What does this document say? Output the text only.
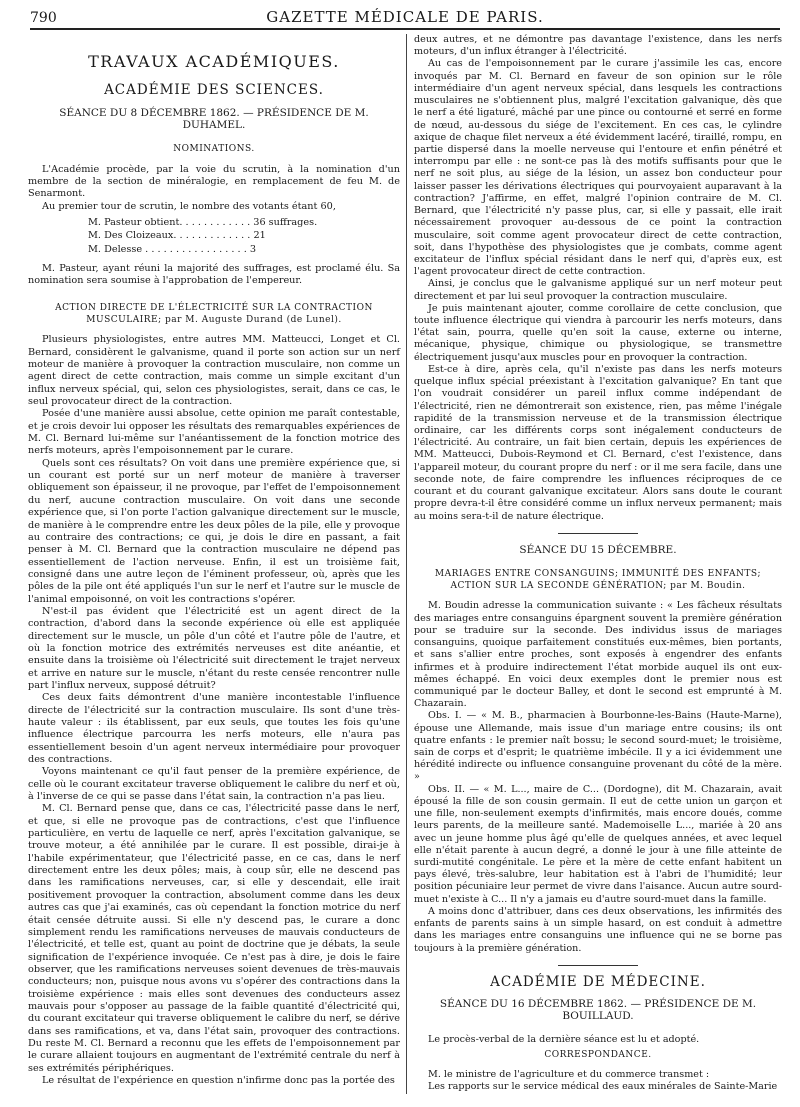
790	GAZETTE MÉDICALE DE PARIS.
TRAVAUX ACADÉMIQUES.
ACADÉMIE DES SCIENCES.
SÉANCE DU 8 DÉCEMBRE 1862. — PRÉSIDENCE DE M. DUHAMEL.
NOMINATIONS.

L'Académie procède, par la voie du scrutin, à la nomination d'un membre de la section de minéralogie, en remplacement de feu M. de Senarmont.

Au premier tour de scrutin, le nombre des votants étant 60,

M. Pasteur obtient. . . . . . . . . . . . 36 suffrages.
M. Des Cloizeaux. . . . . . . . . . . . . 21
M. Delesse . . . . . . . . . . . . . . . . . 3

M. Pasteur, ayant réuni la majorité des suffrages, est proclamé élu. Sa nomination sera soumise à l'approbation de l'empereur.

ACTION DIRECTE DE L'ÉLECTRICITÉ SUR LA CONTRACTION MUSCULAIRE; par M. Auguste Durand (de Lunel).

Plusieurs physiologistes, entre autres MM. Matteucci, Longet et Cl. Bernard, considèrent le galvanisme, quand il porte son action sur un nerf moteur de manière à provoquer la contraction musculaire, non comme un agent direct de cette contraction, mais comme un simple excitant d'un influx nerveux spécial, qui, selon ces physiologistes, serait, dans ce cas, le seul provocateur direct de la contraction.

Posée d'une manière aussi absolue, cette opinion me paraît contestable, et je crois devoir lui opposer les résultats des remarquables expériences de M. Cl. Bernard lui-même sur l'anéantissement de la fonction motrice des nerfs moteurs, après l'empoisonnement par le curare.

Quels sont ces résultats? On voit dans une première expérience que, si un courant est porté sur un nerf moteur de manière à traverser obliquement son épaisseur, il ne provoque, par l'effet de l'empoisonnement du nerf, aucune contraction musculaire. On voit dans une seconde expérience que, si l'on porte l'action galvanique directement sur le muscle, de manière à le comprendre entre les deux pôles de la pile, elle y provoque au contraire des contractions; ce qui, je dois le dire en passant, a fait penser à M. Cl. Bernard que la contraction musculaire ne dépend pas essentiellement de l'action nerveuse. Enfin, il est un troisième fait, consigné dans une autre leçon de l'éminent professeur, où, après que les pôles de la pile ont été appliqués l'un sur le nerf et l'autre sur le muscle de l'animal empoisonné, on voit les contractions s'opérer.

N'est-il pas évident que l'électricité est un agent direct de la contraction, d'abord dans la seconde expérience où elle est appliquée directement sur le muscle, un pôle d'un côté et l'autre pôle de l'autre, et où la fonction motrice des extrémités nerveuses est dite anéantie, et ensuite dans la troisième où l'électricité suit directement le trajet nerveux et arrive en nature sur le muscle, n'étant du reste censée rencontrer nulle part l'influx nerveux, supposé détruit?

Ces deux faits démontrent d'une manière incontestable l'influence directe de l'électricité sur la contraction musculaire. Ils sont d'une très-haute valeur : ils établissent, par eux seuls, que toutes les fois qu'une influence électrique parcourra les nerfs moteurs, elle n'aura pas essentiellement besoin d'un agent nerveux intermédiaire pour provoquer des contractions.

Voyons maintenant ce qu'il faut penser de la première expérience, de celle où le courant excitateur traverse obliquement le calibre du nerf et où, à l'inverse de ce qui se passe dans l'état sain, la contraction n'a pas lieu.

M. Cl. Bernard pense que, dans ce cas, l'électricité passe dans le nerf, et que, si elle ne provoque pas de contractions, c'est que l'influence particulière, en vertu de laquelle ce nerf, après l'excitation galvanique, se trouve moteur, a été annihilée par le curare. Il est possible, dirai-je à l'habile expérimentateur, que l'électricité passe, en ce cas, dans le nerf directement entre les deux pôles; mais, à coup sûr, elle ne descend pas dans les ramifications nerveuses, car, si elle y descendait, elle irait positivement provoquer la contraction, absolument comme dans les deux autres cas que j'ai examinés, cas où cependant la fonction motrice du nerf était censée détruite aussi. Si elle n'y descend pas, le curare a donc simplement rendu les ramifications nerveuses de mauvais conducteurs de l'électricité, et telle est, quant au point de doctrine que je débats, la seule signification de l'expérience invoquée. Ce n'est pas à dire, je dois le faire observer, que les ramifications nerveuses soient devenues de très-mauvais conducteurs; non, puisque nous avons vu s'opérer des contractions dans la troisième expérience : mais elles sont devenues des conducteurs assez mauvais pour s'opposer au passage de la faible quantité d'électricité qui, du courant excitateur qui traverse obliquement le calibre du nerf, se dérive dans ses ramifications, et va, dans l'état sain, provoquer des contractions. Du reste M. Cl. Bernard a reconnu que les effets de l'empoisonnement par le curare allaient toujours en augmentant de l'extrémité centrale du nerf à ses extrémités périphériques.

Le résultat de l'expérience en question n'infirme donc pas la portée des

deux autres, et ne démontre pas davantage l'existence, dans les nerfs moteurs, d'un influx étranger à l'électricité.

Au cas de l'empoisonnement par le curare j'assimile les cas, encore invoqués par M. Cl. Bernard en faveur de son opinion sur le rôle intermédiaire d'un agent nerveux spécial, dans lesquels les contractions musculaires ne s'obtiennent plus, malgré l'excitation galvanique, dès que le nerf a été ligaturé, mâché par une pince ou contourné et serré en forme de nœud, au-dessous du siége de l'excitement. En ces cas, le cylindre axique de chaque filet nerveux a été évidemment lacéré, tiraillé, rompu, en partie dispersé dans la moelle nerveuse qui l'entoure et enfin pénétré et interrompu par elle : ne sont-ce pas là des motifs suffisants pour que le nerf ne soit plus, au siége de la lésion, un assez bon conducteur pour laisser passer les dérivations électriques qui pourvoyaient auparavant à la contraction? J'affirme, en effet, malgré l'opinion contraire de M. Cl. Bernard, que l'électricité n'y passe plus, car, si elle y passait, elle irait nécessairement provoquer au-dessous de ce point la contraction musculaire, soit comme agent provocateur direct de cette contraction, soit, dans l'hypothèse des physiologistes que je combats, comme agent excitateur de l'influx spécial résidant dans le nerf qui, d'après eux, est l'agent provocateur direct de cette contraction.

Ainsi, je conclus que le galvanisme appliqué sur un nerf moteur peut directement et par lui seul provoquer la contraction musculaire.

Je puis maintenant ajouter, comme corollaire de cette conclusion, que toute influence électrique qui viendra à parcourir les nerfs moteurs, dans l'état sain, pourra, quelle qu'en soit la cause, externe ou interne, mécanique, physique, chimique ou physiologique, se transmettre électriquement jusqu'aux muscles pour en provoquer la contraction.

Est-ce à dire, après cela, qu'il n'existe pas dans les nerfs moteurs quelque influx spécial préexistant à l'excitation galvanique? En tant que l'on voudrait considérer un pareil influx comme indépendant de l'électricité, rien ne démontrerait son existence, rien, pas même l'inégale rapidité de la transmission nerveuse et de la transmission électrique ordinaire, car les différents corps sont inégalement conducteurs de l'électricité. Au contraire, un fait bien certain, depuis les expériences de MM. Matteucci, Dubois-Reymond et Cl. Bernard, c'est l'existence, dans l'appareil moteur, du courant propre du nerf : or il me sera facile, dans une seconde note, de faire comprendre les influences réciproques de ce courant et du courant galvanique excitateur. Alors sans doute le courant propre devra-t-il être considéré comme un influx nerveux permanent; mais au moins sera-t-il de nature électrique.

SÉANCE DU 15 DÉCEMBRE.
MARIAGES ENTRE CONSANGUINS; IMMUNITÉ DES ENFANTS; ACTION SUR LA SECONDE GÉNÉRATION; par M. Boudin.

M. Boudin adresse la communication suivante : « Les fâcheux résultats des mariages entre consanguins épargnent souvent la première génération pour se traduire sur la seconde. Des individus issus de mariages consanguins, quoique parfaitement constitués eux-mêmes, bien portants, et sans s'allier entre proches, sont exposés à engendrer des enfants infirmes et à produire indirectement l'état morbide auquel ils ont eux-mêmes échappé. En voici deux exemples dont le premier nous est communiqué par le docteur Balley, et dont le second est emprunté à M. Chazarain.

Obs. I. — « M. B., pharmacien à Bourbonne-les-Bains (Haute-Marne), épouse une Allemande, mais issue d'un mariage entre cousins; ils ont quatre enfants : le premier naît bossu; le second sourd-muet; le troisième, sain de corps et d'esprit; le quatrième imbécile. Il y a ici évidemment une hérédité indirecte ou influence consanguine provenant du côté de la mère. »

Obs. II. — « M. L..., maire de C... (Dordogne), dit M. Chazarain, avait épousé la fille de son cousin germain. Il eut de cette union un garçon et une fille, non-seulement exempts d'infirmités, mais encore doués, comme leurs parents, de la meilleure santé. Mademoiselle L..., mariée à 20 ans avec un jeune homme plus âgé qu'elle de quelques années, et avec lequel elle n'était parente à aucun degré, a donné le jour à une fille atteinte de surdi-mutité congénitale. Le père et la mère de cette enfant habitent un pays élevé, très-salubre, leur habitation est à l'abri de l'humidité; leur position pécuniaire leur permet de vivre dans l'aisance. Aucun autre sourd-muet n'existe à C... Il n'y a jamais eu d'autre sourd-muet dans la famille.

A moins donc d'attribuer, dans ces deux observations, les infirmités des enfants de parents sains à un simple hasard, on est conduit à admettre dans les mariages entre consanguins une influence qui ne se borne pas toujours à la première génération.

ACADÉMIE DE MÉDECINE.
SÉANCE DU 16 DÉCEMBRE 1862. — PRÉSIDENCE DE M. BOUILLAUD.

Le procès-verbal de la dernière séance est lu et adopté.

CORRESPONDANCE.

M. le ministre de l'agriculture et du commerce transmet :

Les rapports sur le service médical des eaux minérales de Sainte-Marie
